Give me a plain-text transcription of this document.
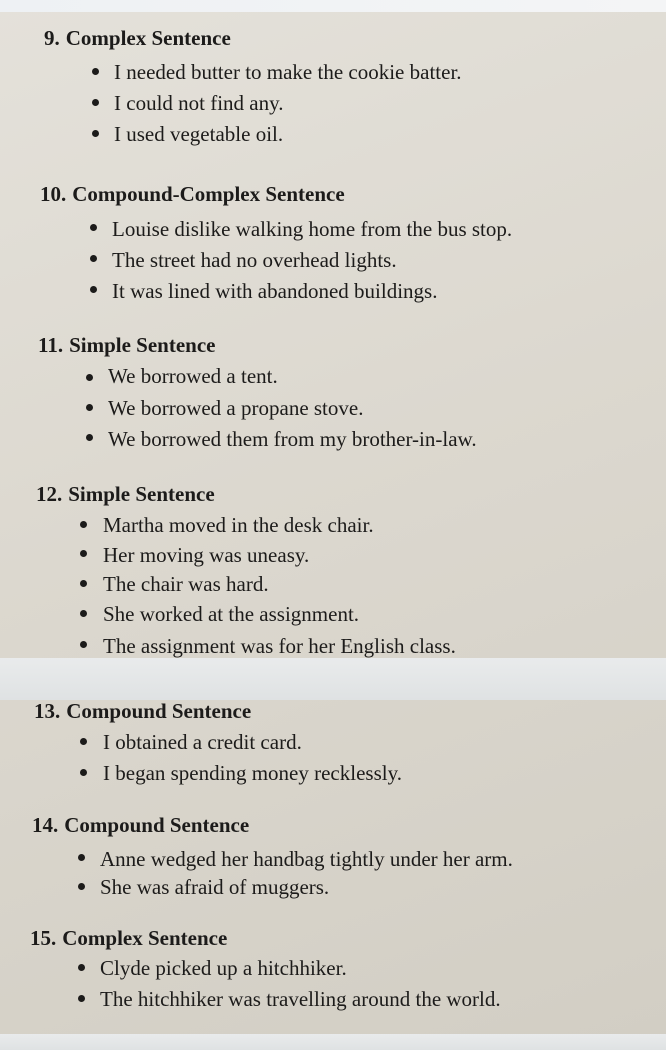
9. Complex Sentence
I needed butter to make the cookie batter.
I could not find any.
I used vegetable oil.
10. Compound-Complex Sentence
Louise dislike walking home from the bus stop.
The street had no overhead lights.
It was lined with abandoned buildings.
11. Simple Sentence
We borrowed a tent.
We borrowed a propane stove.
We borrowed them from my brother-in-law.
12. Simple Sentence
Martha moved in the desk chair.
Her moving was uneasy.
The chair was hard.
She worked at the assignment.
The assignment was for her English class.
13. Compound Sentence
I obtained a credit card.
I began spending money recklessly.
14. Compound Sentence
Anne wedged her handbag tightly under her arm.
She was afraid of muggers.
15. Complex Sentence
Clyde picked up a hitchhiker.
The hitchhiker was travelling around the world.
